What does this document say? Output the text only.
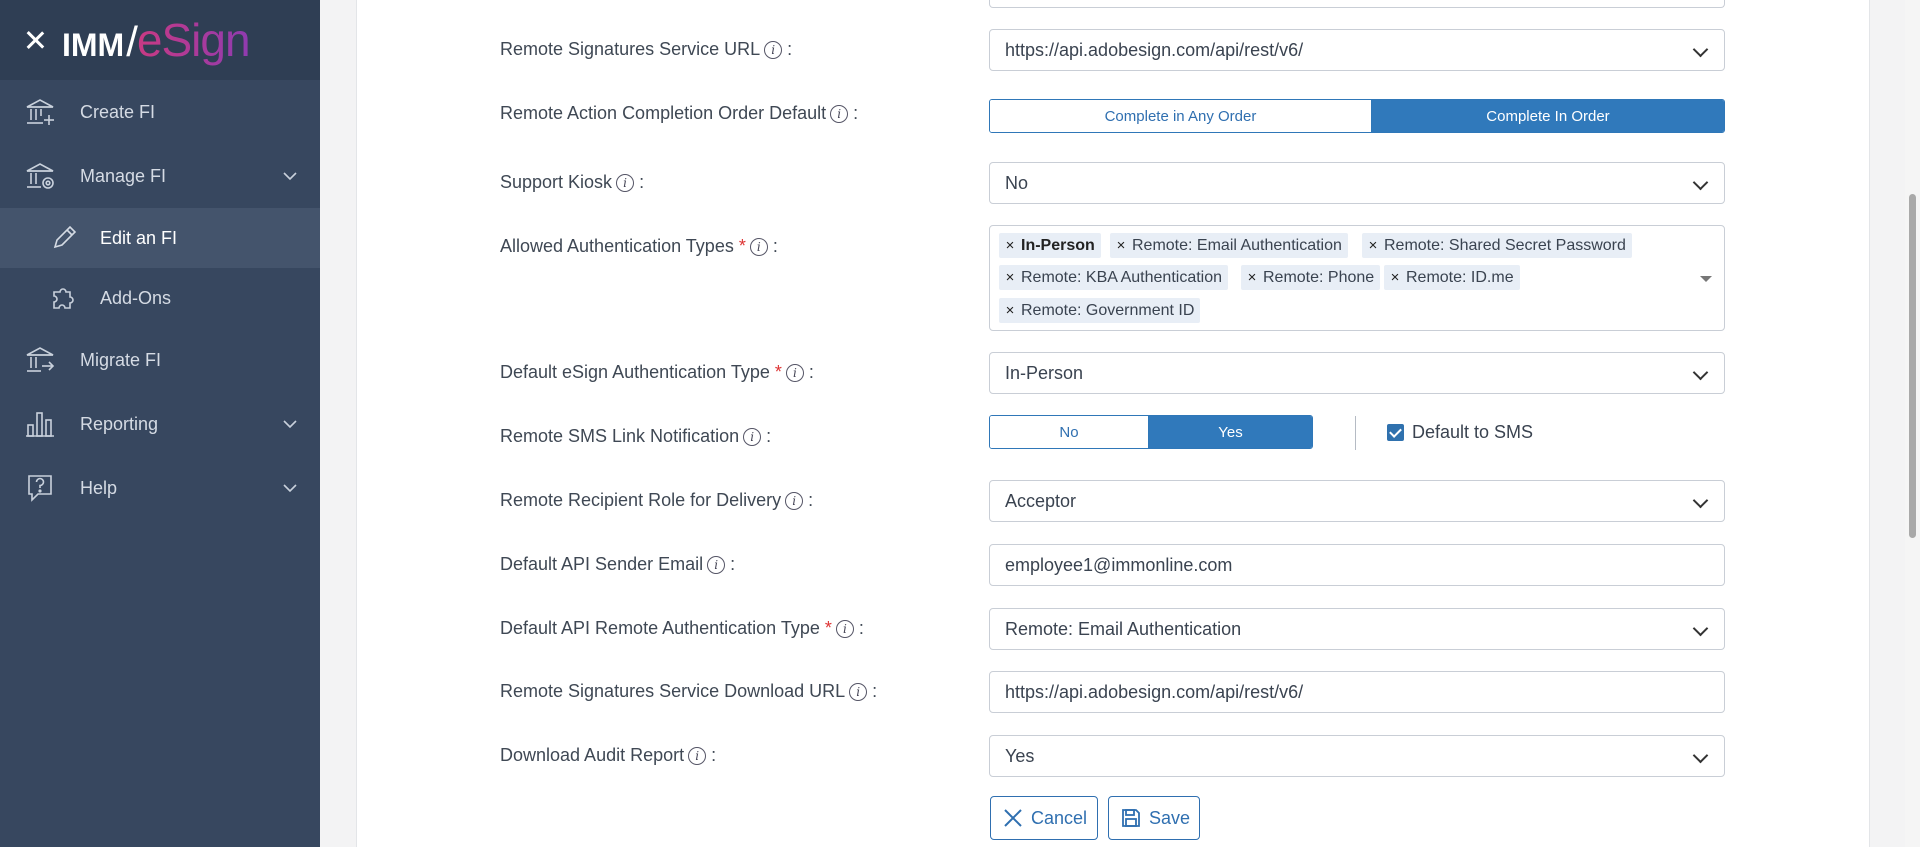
IMM / eSign
Create FI
Manage FI
Edit an FI
Add-Ons
Migrate FI
Reporting
Help
Remote Signatures Service URL i :	https://api.adobesign.com/api/rest/v6/
Remote Action Completion Order Default i :	Complete in Any Order	Complete In Order
Support Kiosk i :	No
Allowed Authentication Types * i :	× In-Person	× Remote: Email Authentication	× Remote: Shared Secret Password
× Remote: KBA Authentication	× Remote: Phone	× Remote: ID.me
× Remote: Government ID
Default eSign Authentication Type * i :	In-Person
Remote SMS Link Notification i :	No	Yes	Default to SMS
Remote Recipient Role for Delivery i :	Acceptor
Default API Sender Email i :	employee1@immonline.com
Default API Remote Authentication Type * i :	Remote: Email Authentication
Remote Signatures Service Download URL i :	https://api.adobesign.com/api/rest/v6/
Download Audit Report i :	Yes
Cancel	Save
